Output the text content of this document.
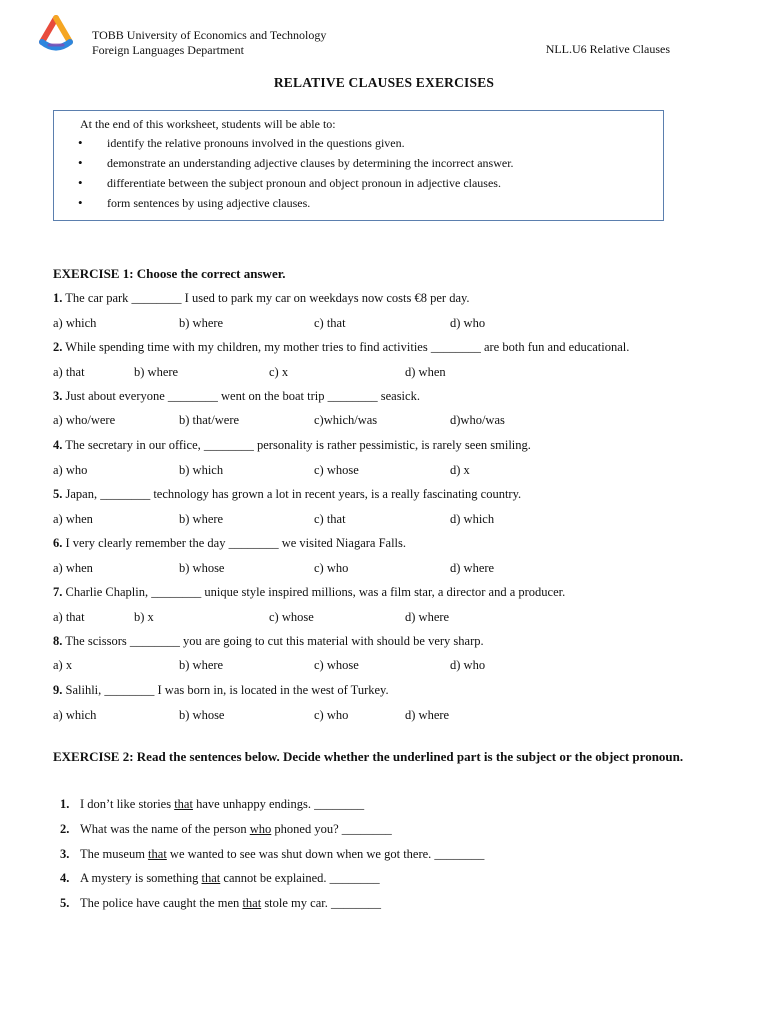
TOBB University of Economics and Technology
Foreign Languages Department	NLL.U6 Relative Clauses
RELATIVE CLAUSES EXERCISES
At the end of this worksheet, students will be able to:
• identify the relative pronouns involved in the questions given.
• demonstrate an understanding adjective clauses by determining the incorrect answer.
• differentiate between the subject pronoun and object pronoun in adjective clauses.
• form sentences by using adjective clauses.
EXERCISE 1: Choose the correct answer.
1. The car park ________ I used to park my car on weekdays now costs €8 per day.
a) which	b) where	c) that	d) who
2. While spending time with my children, my mother tries to find activities ________ are both fun and educational.
a) that	b) where	c) x	d) when
3. Just about everyone ________ went on the boat trip ________ seasick.
a) who/were	b) that/were	c)which/was	d)who/was
4. The secretary in our office, ________ personality is rather pessimistic, is rarely seen smiling.
a) who	b) which	c) whose	d) x
5. Japan, ________ technology has grown a lot in recent years, is a really fascinating country.
a) when	b) where	c) that	d) which
6. I very clearly remember the day ________ we visited Niagara Falls.
a) when	b) whose	c) who	d) where
7. Charlie Chaplin, ________ unique style inspired millions, was a film star, a director and a producer.
a) that	b) x	c) whose	d) where
8. The scissors ________ you are going to cut this material with should be very sharp.
a) x	b) where	c) whose	d) who
9. Salihli, ________ I was born in, is located in the west of Turkey.
a) which	b) whose	c) who	d) where
EXERCISE 2: Read the sentences below. Decide whether the underlined part is the subject or the object pronoun.
1. I don’t like stories that have unhappy endings. ________
2. What was the name of the person who phoned you? ________
3. The museum that we wanted to see was shut down when we got there. ________
4. A mystery is something that cannot be explained. ________
5. The police have caught the men that stole my car. ________
